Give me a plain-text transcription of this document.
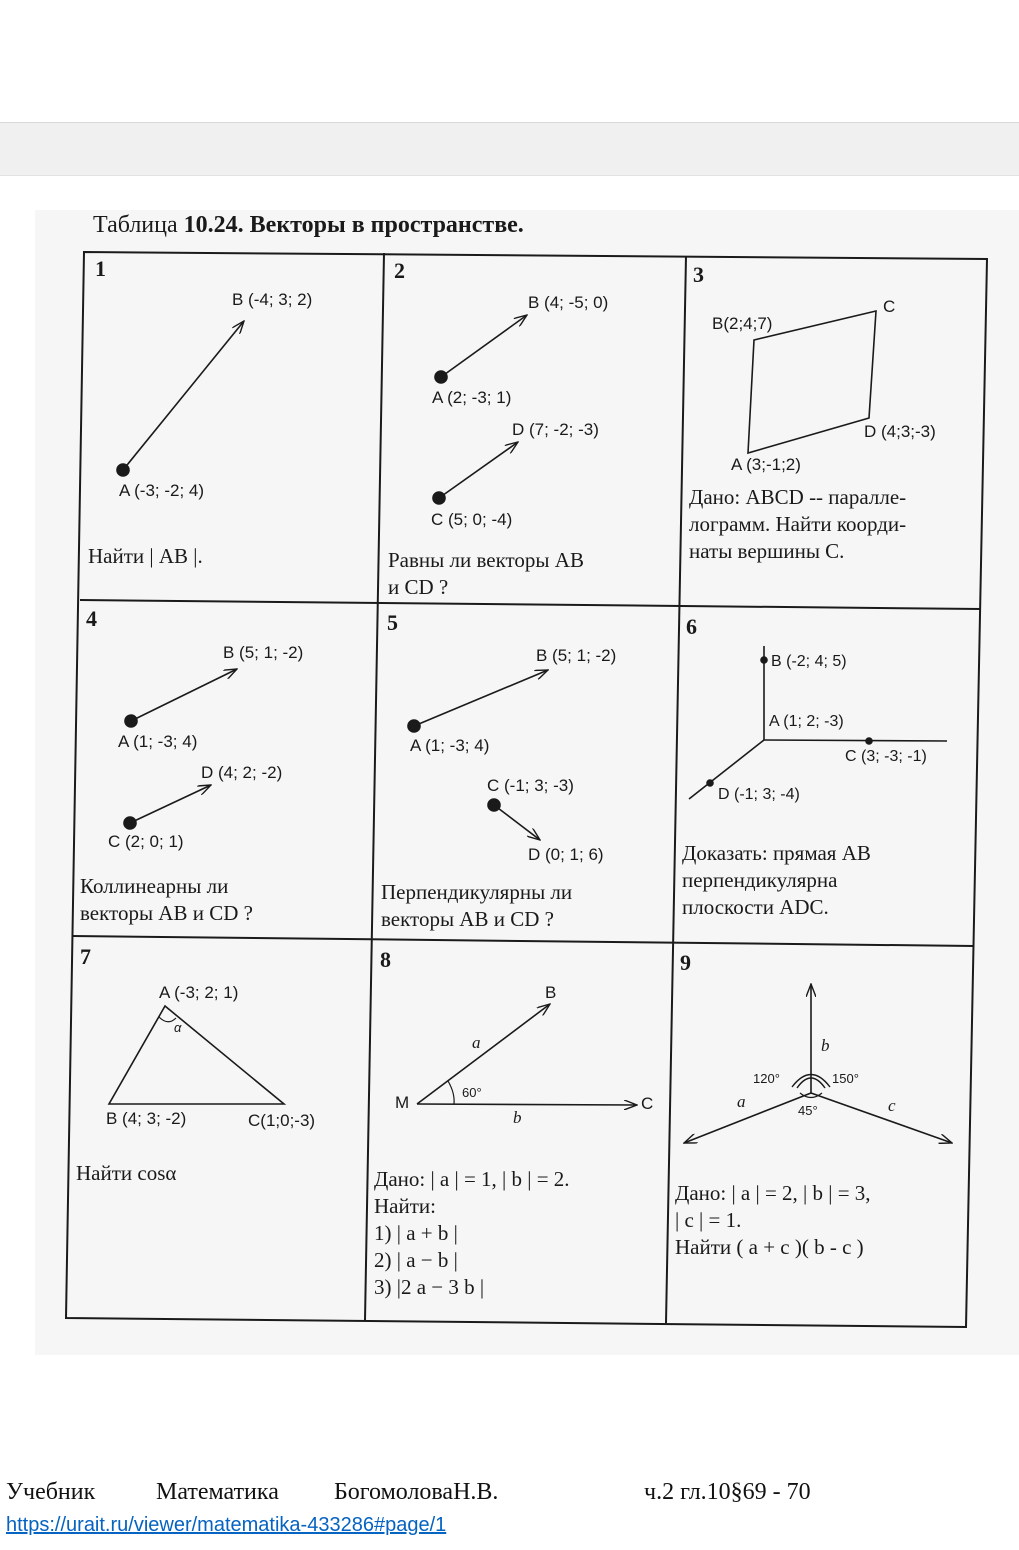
Таблица 10.24. Векторы в пространстве.
1	2	3
4	5	6
7	8	9
B (-4; 3; 2)
A (-3; -2; 4)
Найти | AB |.
B (4; -5; 0)
A (2; -3; 1)
D (7; -2; -3)
C (5; 0; -4)
Равны ли векторы AB
и CD ?
B(2;4;7)
C
D (4;3;-3)
A (3;-1;2)
Дано: ABCD -- паралле-
лограмм. Найти коорди-
наты вершины C.
B (5; 1; -2)
A (1; -3; 4)
D (4; 2; -2)
C (2; 0; 1)
Коллинеарны ли
векторы AB и CD ?
B (5; 1; -2)
A (1; -3; 4)
C (-1; 3; -3)
D (0; 1; 6)
Перпендикулярны ли
векторы AB и CD ?
B (-2; 4; 5)
A (1; 2; -3)
C (3; -3; -1)
D (-1; 3; -4)
Доказать: прямая AB
перпендикулярна
плоскости ADC.
A (-3; 2; 1)
α
B (4; 3; -2)	C(1;0;-3)
Найти cosα
B
a
60°
M
b
C
Дано: | a | = 1, | b | = 2.
Найти:
1) | a + b |
2) | a − b |
3) |2 a − 3 b |
b
120°	150°
a	45°	c
Дано: | a | = 2, | b | = 3,
| c | = 1.
Найти ( a + c )( b - c )
Учебник	Математика БогомоловаН.В.	ч.2 гл.10§69 - 70
https://urait.ru/viewer/matematika-433286#page/1
